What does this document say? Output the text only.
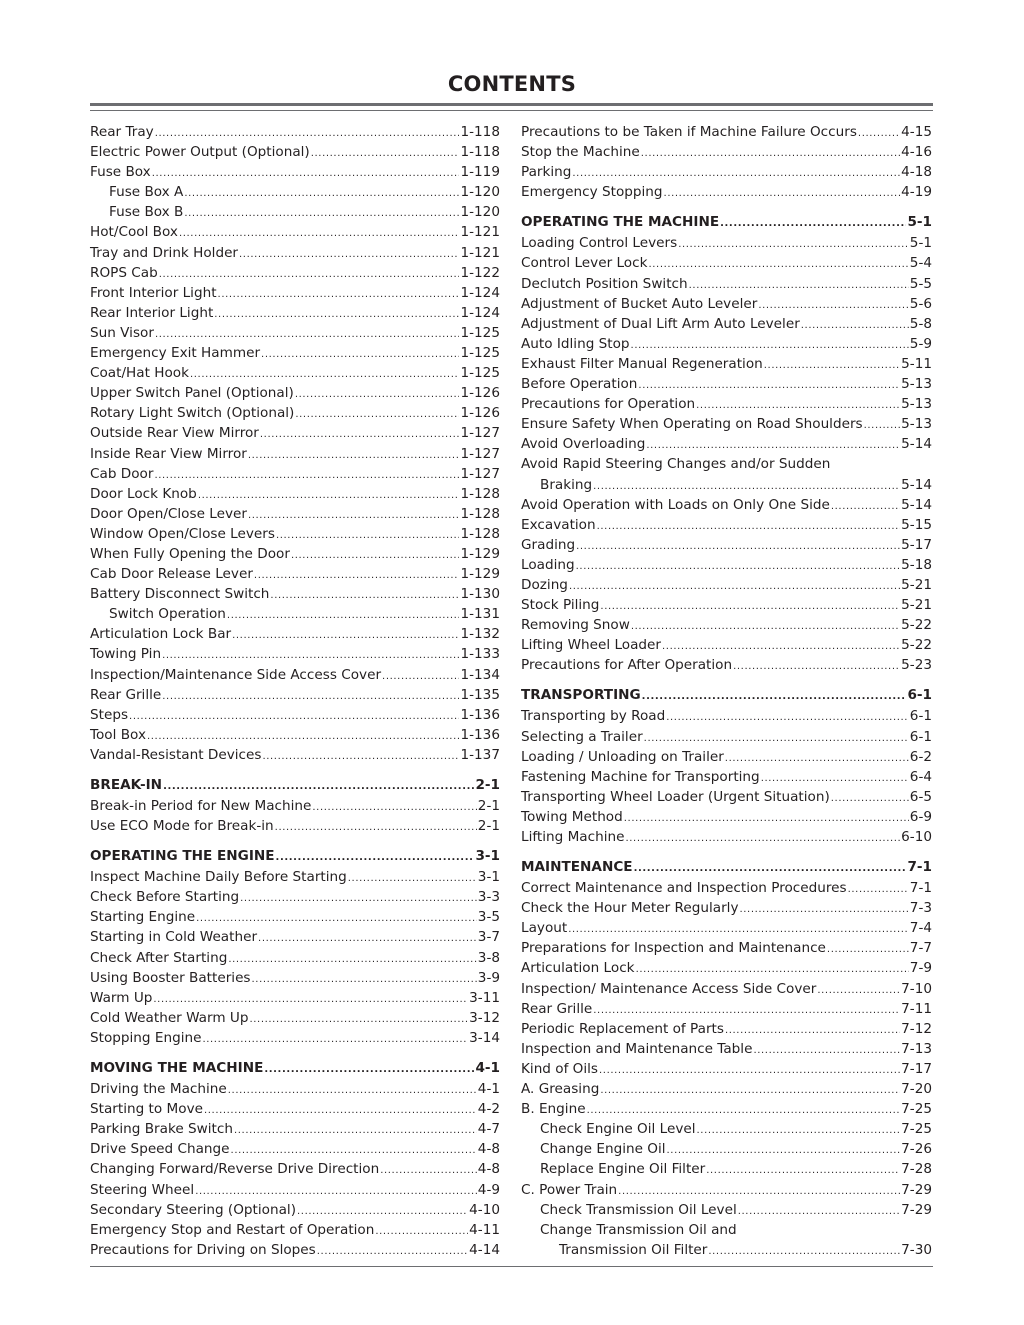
CONTENTS
Rear Tray .....	1-118
Electric Power Output (Optional) .....	1-118
Fuse Box .....	1-119
Fuse Box A .....	1-120
Fuse Box B .....	1-120
Hot/Cool Box .....	1-121
Tray and Drink Holder .....	1-121
ROPS Cab .....	1-122
Front Interior Light .....	1-124
Rear Interior Light .....	1-124
Sun Visor .....	1-125
Emergency Exit Hammer .....	1-125
Coat/Hat Hook .....	1-125
Upper Switch Panel (Optional) .....	1-126
Rotary Light Switch (Optional) .....	1-126
Outside Rear View Mirror .....	1-127
Inside Rear View Mirror .....	1-127
Cab Door .....	1-127
Door Lock Knob .....	1-128
Door Open/Close Lever .....	1-128
Window Open/Close Levers .....	1-128
When Fully Opening the Door .....	1-129
Cab Door Release Lever .....	1-129
Battery Disconnect Switch .....	1-130
Switch Operation .....	1-131
Articulation Lock Bar .....	1-132
Towing Pin .....	1-133
Inspection/Maintenance Side Access Cover .....	1-134
Rear Grille .....	1-135
Steps .....	1-136
Tool Box .....	1-136
Vandal-Resistant Devices .....	1-137
BREAK-IN .....	2-1
Break-in Period for New Machine .....	2-1
Use ECO Mode for Break-in .....	2-1
OPERATING THE ENGINE .....	3-1
Inspect Machine Daily Before Starting .....	3-1
Check Before Starting .....	3-3
Starting Engine .....	3-5
Starting in Cold Weather .....	3-7
Check After Starting .....	3-8
Using Booster Batteries .....	3-9
Warm Up .....	3-11
Cold Weather Warm Up .....	3-12
Stopping Engine .....	3-14
MOVING THE MACHINE .....	4-1
Driving the Machine .....	4-1
Starting to Move .....	4-2
Parking Brake Switch .....	4-7
Drive Speed Change .....	4-8
Changing Forward/Reverse Drive Direction .....	4-8
Steering Wheel .....	4-9
Secondary Steering (Optional) .....	4-10
Emergency Stop and Restart of Operation .....	4-11
Precautions for Driving on Slopes .....	4-14
Precautions to be Taken if Machine Failure Occurs .....	4-15
Stop the Machine .....	4-16
Parking .....	4-18
Emergency Stopping .....	4-19
OPERATING THE MACHINE .....	5-1
Loading Control Levers .....	5-1
Control Lever Lock .....	5-4
Declutch Position Switch .....	5-5
Adjustment of Bucket Auto Leveler .....	5-6
Adjustment of Dual Lift Arm Auto Leveler .....	5-8
Auto Idling Stop .....	5-9
Exhaust Filter Manual Regeneration .....	5-11
Before Operation .....	5-13
Precautions for Operation .....	5-13
Ensure Safety When Operating on Road Shoulders .....	5-13
Avoid Overloading .....	5-14
Avoid Rapid Steering Changes and/or Sudden
Braking .....	5-14
Avoid Operation with Loads on Only One Side .....	5-14
Excavation .....	5-15
Grading .....	5-17
Loading .....	5-18
Dozing .....	5-21
Stock Piling .....	5-21
Removing Snow .....	5-22
Lifting Wheel Loader .....	5-22
Precautions for After Operation .....	5-23
TRANSPORTING .....	6-1
Transporting by Road .....	6-1
Selecting a Trailer .....	6-1
Loading / Unloading on Trailer .....	6-2
Fastening Machine for Transporting .....	6-4
Transporting Wheel Loader (Urgent Situation) .....	6-5
Towing Method .....	6-9
Lifting Machine .....	6-10
MAINTENANCE .....	7-1
Correct Maintenance and Inspection Procedures .....	7-1
Check the Hour Meter Regularly .....	7-3
Layout .....	7-4
Preparations for Inspection and Maintenance .....	7-7
Articulation Lock .....	7-9
Inspection/ Maintenance Access Side Cover .....	7-10
Rear Grille .....	7-11
Periodic Replacement of Parts .....	7-12
Inspection and Maintenance Table .....	7-13
Kind of Oils .....	7-17
A. Greasing .....	7-20
B. Engine .....	7-25
Check Engine Oil Level .....	7-25
Change Engine Oil .....	7-26
Replace Engine Oil Filter .....	7-28
C. Power Train .....	7-29
Check Transmission Oil Level .....	7-29
Change Transmission Oil and
Transmission Oil Filter .....	7-30
